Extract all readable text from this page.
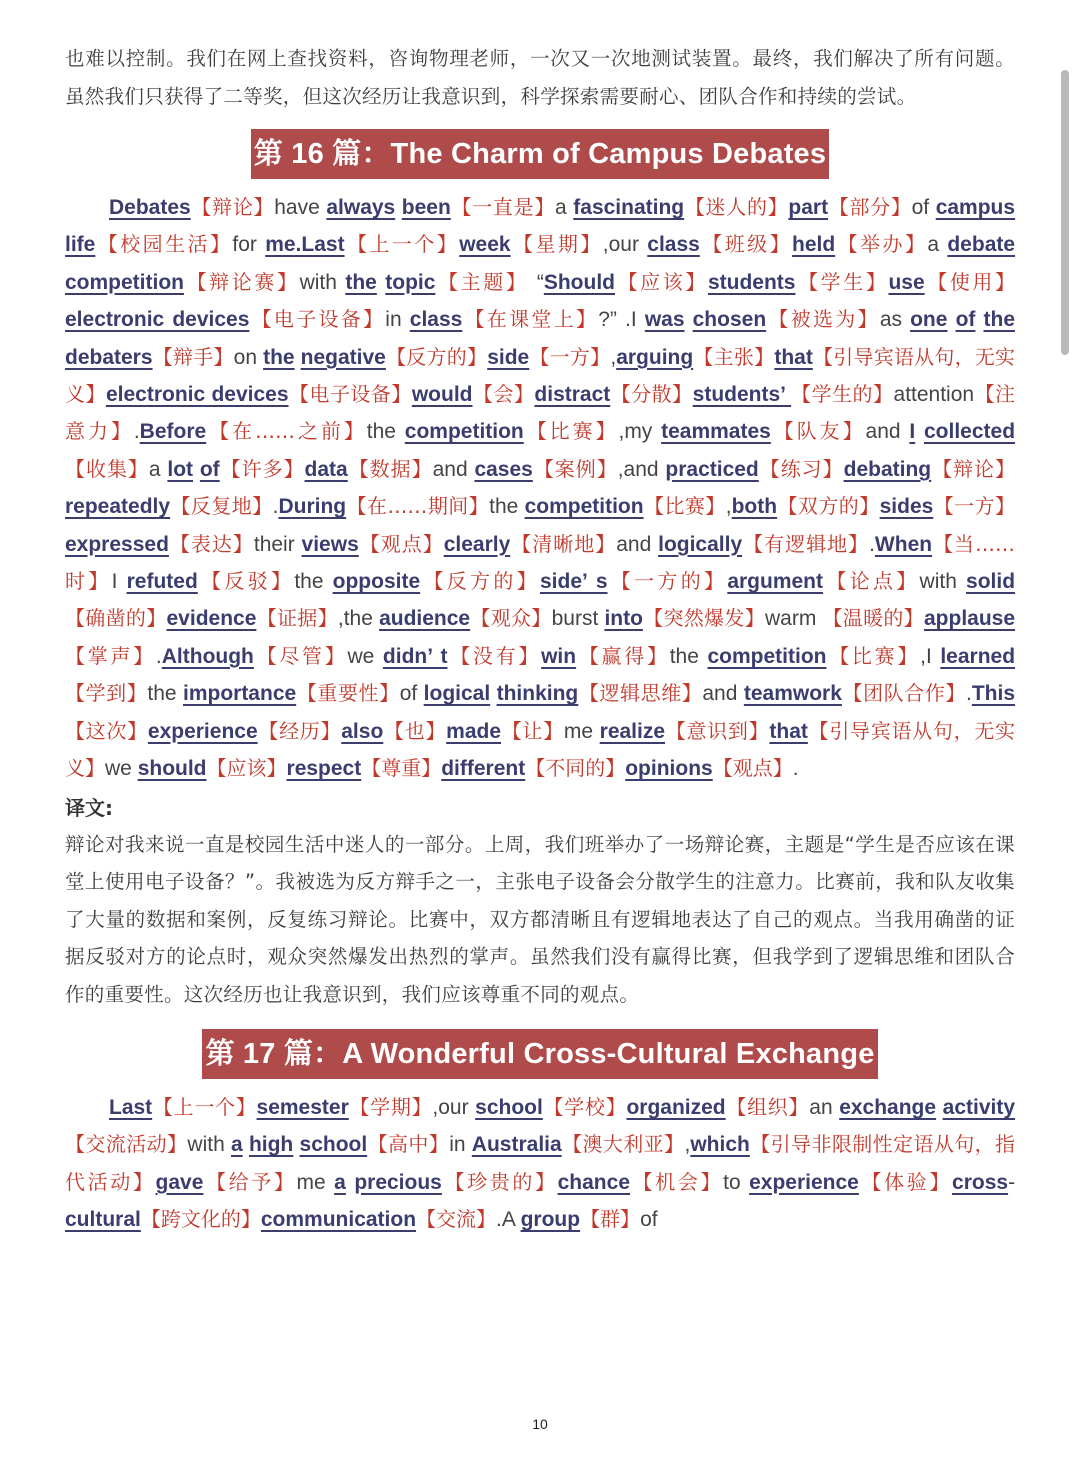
也难以控制。我们在网上查找资料，咨询物理老师，一次又一次地测试装置。最终，我们解决了所有问题。虽然我们只获得了二等奖，但这次经历让我意识到，科学探索需要耐心、团队合作和持续的尝试。

第 16 篇：The Charm of Campus Debates

Debates【辩论】have always been【一直是】a fascinating【迷人的】part【部分】of campus life【校园生活】for me.Last【上一个】week【星期】,our class【班级】held【举办】a debate competition【辩论赛】with the topic【主题】 “Should【应该】students【学生】use【使用】electronic devices【电子设备】in class【在课堂上】?” .I was chosen【被选为】as one of the debaters【辩手】on the negative【反方的】side【一方】,arguing【主张】that【引导宾语从句，无实义】electronic devices【电子设备】would【会】distract【分散】students’ 【学生的】attention【注意力】.Before【在……之前】the competition【比赛】,my teammates【队友】and I collected【收集】a lot of【许多】data【数据】and cases【案例】,and practiced【练习】debating【辩论】repeatedly【反复地】.During【在……期间】the competition【比赛】,both【双方的】sides【一方】expressed【表达】their views【观点】clearly【清晰地】and logically【有逻辑地】.When【当……时】I refuted【反驳】the opposite【反方的】side’ s【一方的】argument【论点】with solid【确凿的】evidence【证据】,the audience【观众】burst into【突然爆发】warm 【温暖的】applause【掌声】.Although【尽管】we didn’ t【没有】win【赢得】the competition【比赛】,I learned【学到】the importance【重要性】of logical thinking【逻辑思维】and teamwork【团队合作】.This【这次】experience【经历】also【也】made【让】me realize【意识到】that【引导宾语从句，无实义】we should【应该】respect【尊重】different【不同的】opinions【观点】.

译文:

辩论对我来说一直是校园生活中迷人的一部分。上周，我们班举办了一场辩论赛，主题是“学生是否应该在课堂上使用电子设备？”。我被选为反方辩手之一，主张电子设备会分散学生的注意力。比赛前，我和队友收集了大量的数据和案例，反复练习辩论。比赛中，双方都清晰且有逻辑地表达了自己的观点。当我用确凿的证据反驳对方的论点时，观众突然爆发出热烈的掌声。虽然我们没有赢得比赛，但我学到了逻辑思维和团队合作的重要性。这次经历也让我意识到，我们应该尊重不同的观点。

第 17 篇：A Wonderful Cross-Cultural Exchange

Last【上一个】semester【学期】,our school【学校】organized【组织】an exchange activity【交流活动】with a high school【高中】in Australia【澳大利亚】,which【引导非限制性定语从句，指代活动】gave【给予】me a precious【珍贵的】chance【机会】to experience【体验】cross-cultural【跨文化的】communication【交流】.A group【群】of

10
